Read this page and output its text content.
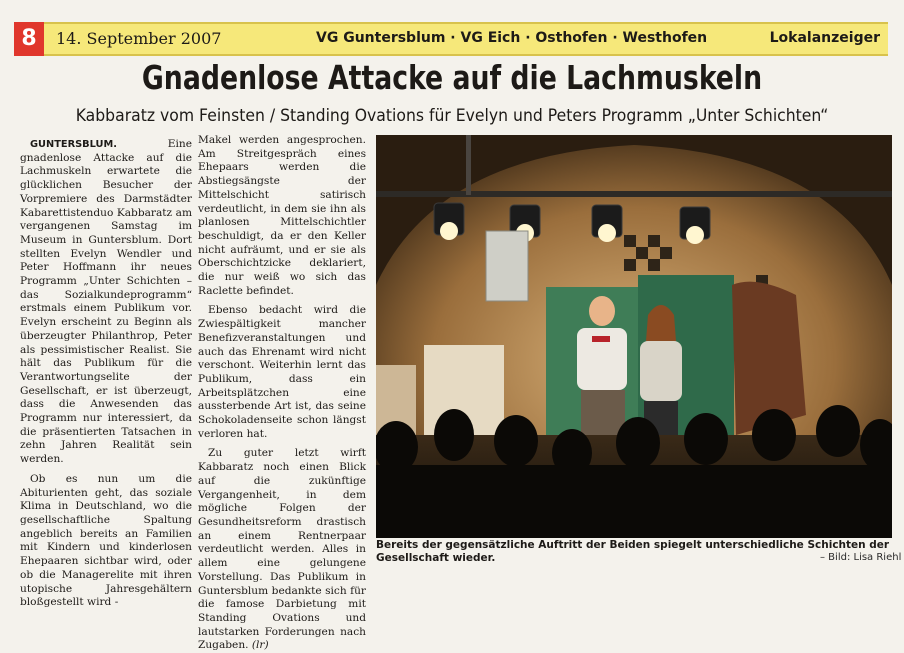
8	14. September 2007	VG Guntersblum · VG Eich · Osthofen · Westhofen	Lokalanzeiger
Gnadenlose Attacke auf die Lachmuskeln
Kabbaratz vom Feinsten / Standing Ovations für Evelyn und Peters Programm „Unter Schichten“

GUNTERSBLUM.	Eine gnadenlose Attacke auf die Lachmuskeln erwartete die glücklichen Besucher der Vorpremiere des Darmstädter Kabarettistenduo Kabbaratz am vergangenen Samstag im Museum in Guntersblum. Dort stellten Evelyn Wendler und Peter Hoffmann ihr neues Programm „Unter Schichten – das Sozialkundeprogramm“ erstmals einem Publikum vor. Evelyn erscheint zu Beginn als überzeugter Philanthrop, Peter als pessimistischer Realist. Sie hält das Publikum für die Verantwortungselite der Gesellschaft, er ist überzeugt, dass die Anwesenden das Programm nur interessiert, da die präsentierten Tatsachen in zehn Jahren Realität sein werden.

Ob es nun um die Abiturienten geht, das soziale Klima in Deutschland, wo die gesellschaftliche Spaltung angeblich bereits an Familien mit Kindern und kinderlosen Ehepaaren sichtbar wird, oder ob die Managerelite mit ihren utopische Jahresgehältern bloßgestellt wird -

Makel werden angesprochen. Am Streitgespräch eines Ehepaars werden die Abstiegsängste der Mittelschicht satirisch verdeutlicht, in dem sie ihn als planlosen Mittelschichtler beschuldigt, da er den Keller nicht aufräumt, und er sie als Oberschichtzicke deklariert, die nur weiß wo sich das Raclette befindet.

Ebenso bedacht wird die Zwiespältigkeit mancher Benefizveranstaltungen und auch das Ehrenamt wird nicht verschont. Weiterhin lernt das Publikum, dass ein Arbeitsplätzchen eine aussterbende Art ist, das seine Schokoladenseite schon längst verloren hat.

Zu guter letzt wirft Kabbaratz noch einen Blick auf die zukünftige Vergangenheit, in dem mögliche Folgen der Gesundheitsreform drastisch an einem Rentnerpaar verdeutlicht werden. Alles in allem eine gelungene Vorstellung. Das Publikum in Guntersblum bedankte sich für die famose Darbietung mit Standing Ovations und lautstarken Forderungen nach Zugaben. (lr)

Bereits der gegensätzliche Auftritt der Beiden spiegelt unterschiedliche Schichten der Gesellschaft wieder.	– Bild: Lisa Riehl
